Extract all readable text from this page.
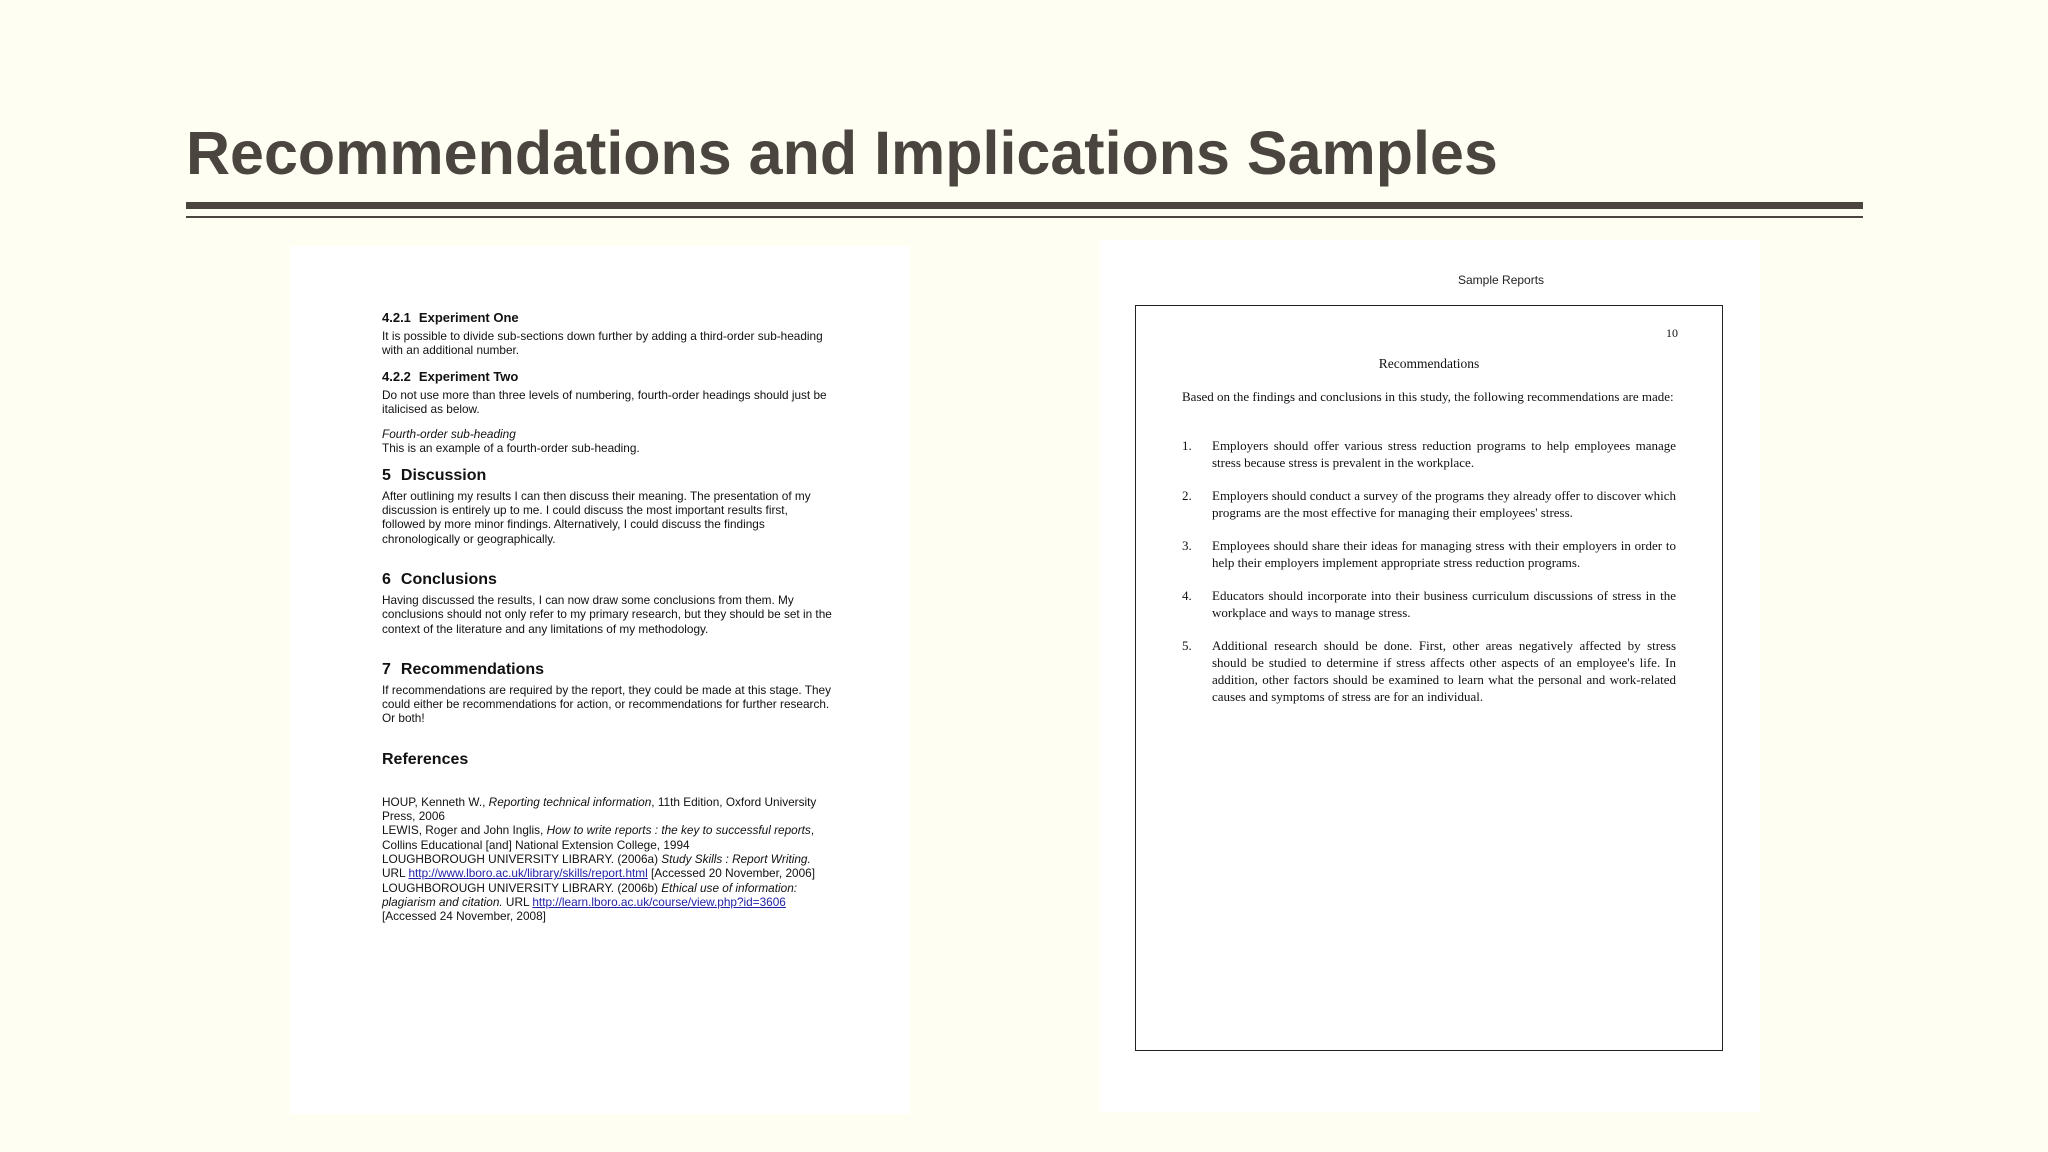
Recommendations and Implications Samples
4.2.1 Experiment One

It is possible to divide sub-sections down further by adding a third-order sub-heading with an additional number.

4.2.2 Experiment Two

Do not use more than three levels of numbering, fourth-order headings should just be italicised as below.

Fourth-order sub-heading

This is an example of a fourth-order sub-heading.

5 Discussion

After outlining my results I can then discuss their meaning. The presentation of my discussion is entirely up to me. I could discuss the most important results first, followed by more minor findings. Alternatively, I could discuss the findings chronologically or geographically.

6 Conclusions

Having discussed the results, I can now draw some conclusions from them. My conclusions should not only refer to my primary research, but they should be set in the context of the literature and any limitations of my methodology.

7 Recommendations

If recommendations are required by the report, they could be made at this stage. They could either be recommendations for action, or recommendations for further research. Or both!

References

HOUP, Kenneth W., Reporting technical information, 11th Edition, Oxford University Press, 2006

LEWIS, Roger and John Inglis, How to write reports : the key to successful reports, Collins Educational [and] National Extension College, 1994

LOUGHBOROUGH UNIVERSITY LIBRARY. (2006a) Study Skills : Report Writing. URL http://www.lboro.ac.uk/library/skills/report.html [Accessed 20 November, 2006]

LOUGHBOROUGH UNIVERSITY LIBRARY. (2006b) Ethical use of information: plagiarism and citation. URL http://learn.lboro.ac.uk/course/view.php?id=3606 [Accessed 24 November, 2008]

Sample Reports
10
Recommendations
Based on the findings and conclusions in this study, the following recommendations are made:
1. Employers should offer various stress reduction programs to help employees manage stress because stress is prevalent in the workplace.
2. Employers should conduct a survey of the programs they already offer to discover which programs are the most effective for managing their employees' stress.
3. Employees should share their ideas for managing stress with their employers in order to help their employers implement appropriate stress reduction programs.
4. Educators should incorporate into their business curriculum discussions of stress in the workplace and ways to manage stress.
5. Additional research should be done. First, other areas negatively affected by stress should be studied to determine if stress affects other aspects of an employee's life. In addition, other factors should be examined to learn what the personal and work-related causes and symptoms of stress are for an individual.
